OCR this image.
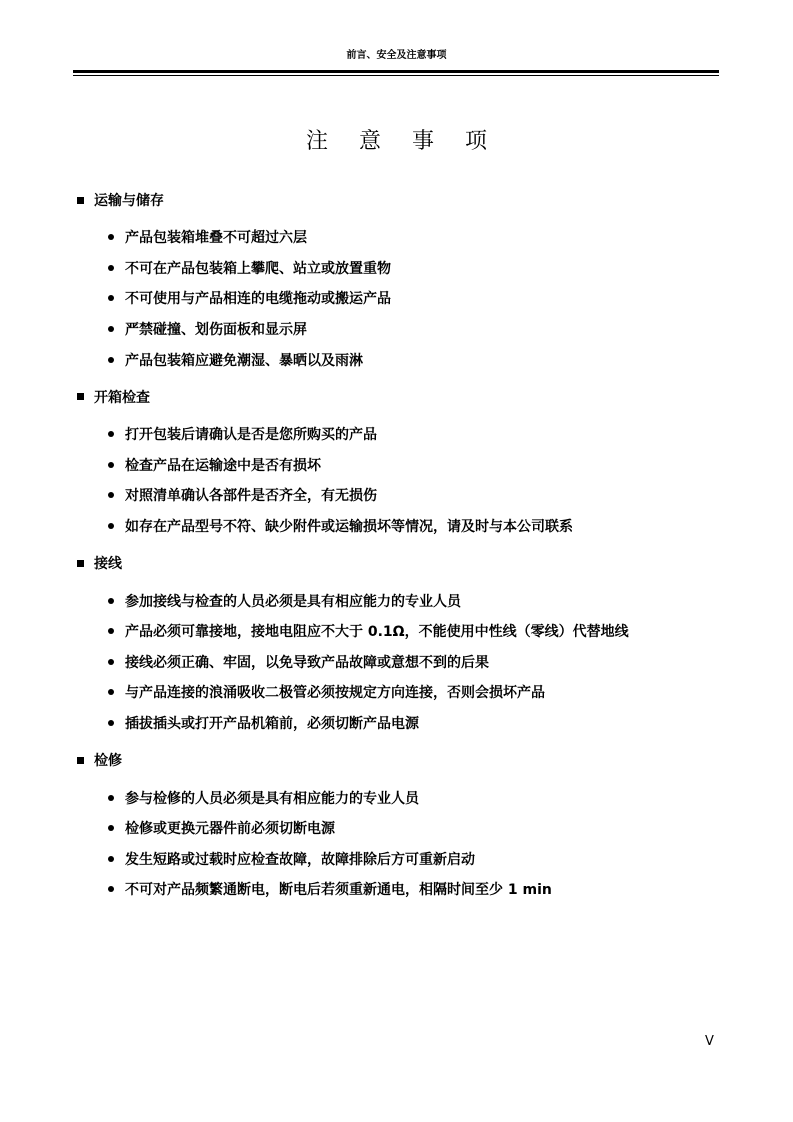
前言、安全及注意事项
注 意 事 项
运输与储存
产品包装箱堆叠不可超过六层
不可在产品包装箱上攀爬、站立或放置重物
不可使用与产品相连的电缆拖动或搬运产品
严禁碰撞、划伤面板和显示屏
产品包装箱应避免潮湿、暴晒以及雨淋
开箱检查
打开包装后请确认是否是您所购买的产品
检查产品在运输途中是否有损坏
对照清单确认各部件是否齐全，有无损伤
如存在产品型号不符、缺少附件或运输损坏等情况，请及时与本公司联系
接线
参加接线与检查的人员必须是具有相应能力的专业人员
产品必须可靠接地，接地电阻应不大于 0.1Ω，不能使用中性线（零线）代替地线
接线必须正确、牢固，以免导致产品故障或意想不到的后果
与产品连接的浪涌吸收二极管必须按规定方向连接，否则会损坏产品
插拔插头或打开产品机箱前，必须切断产品电源
检修
参与检修的人员必须是具有相应能力的专业人员
检修或更换元器件前必须切断电源
发生短路或过载时应检查故障，故障排除后方可重新启动
不可对产品频繁通断电，断电后若须重新通电，相隔时间至少 1 min
V
